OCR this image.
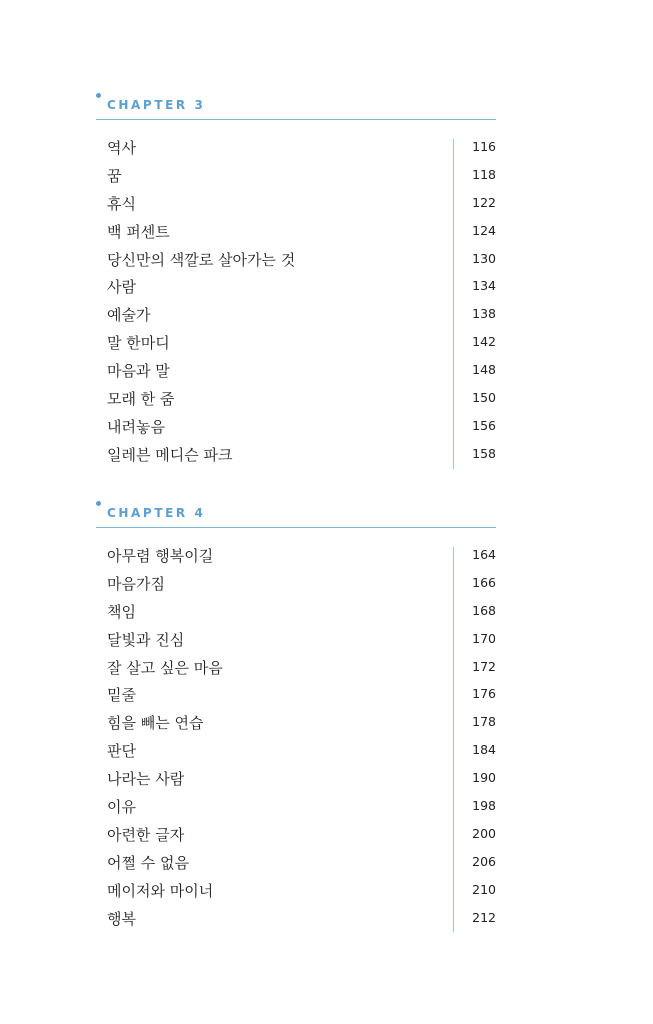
CHAPTER 3
역사	116
꿈	118
휴식	122
백 퍼센트	124
당신만의 색깔로 살아가는 것	130
사람	134
예술가	138
말 한마디	142
마음과 말	148
모래 한 줌	150
내려놓음	156
일레븐 메디슨 파크	158
CHAPTER 4
아무렴 행복이길	164
마음가짐	166
책임	168
달빛과 진심	170
잘 살고 싶은 마음	172
밑줄	176
힘을 빼는 연습	178
판단	184
나라는 사람	190
이유	198
아련한 글자	200
어쩔 수 없음	206
메이저와 마이너	210
행복	212
